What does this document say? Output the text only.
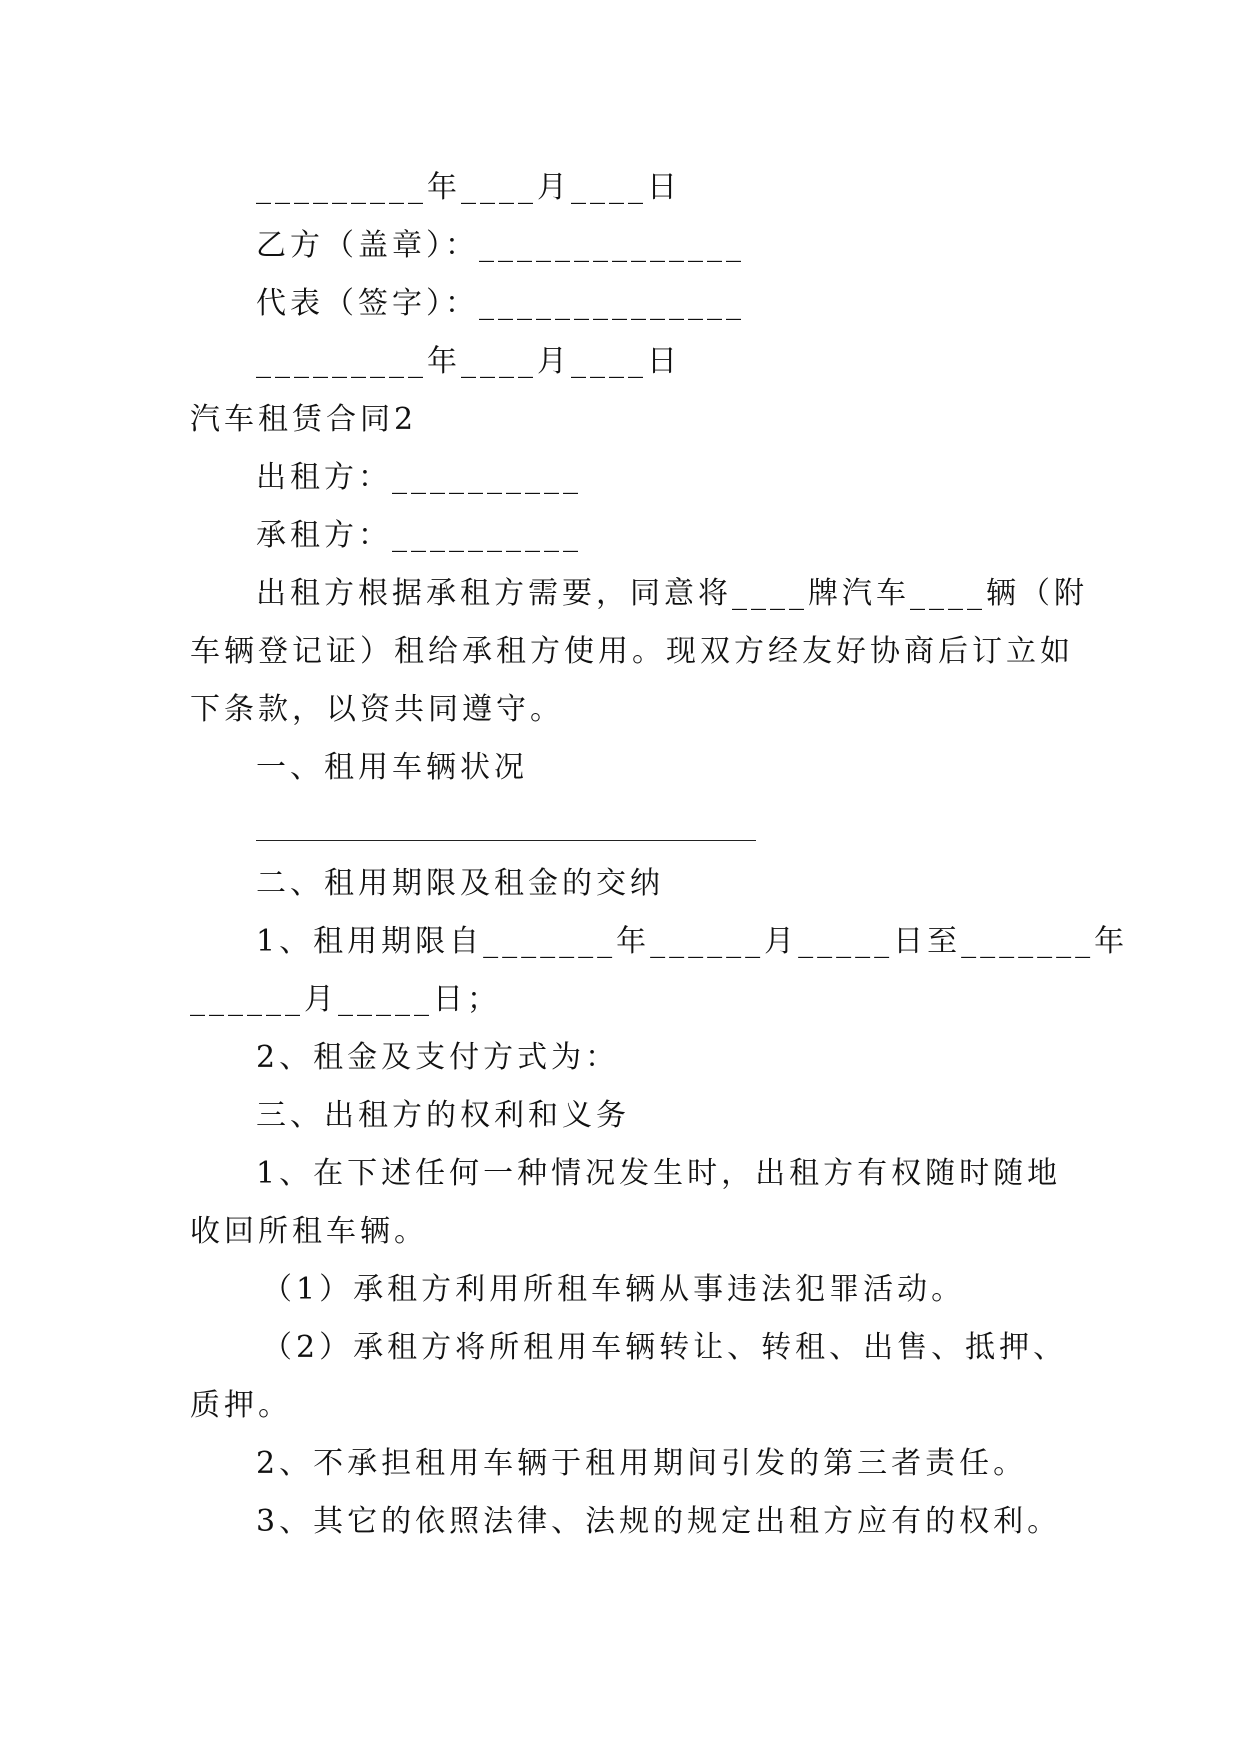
_________年____月____日
乙方（盖章）：______________
代表（签字）：______________
_________年____月____日
汽车租赁合同2
出租方：__________
承租方：__________
出租方根据承租方需要，同意将____牌汽车____辆（附
车辆登记证）租给承租方使用。现双方经友好协商后订立如
下条款，以资共同遵守。
一、租用车辆状况
二、租用期限及租金的交纳
1、租用期限自_______年______月_____日至_______年
______月_____日；
2、租金及支付方式为：
三、出租方的权利和义务
1、在下述任何一种情况发生时，出租方有权随时随地
收回所租车辆。
（1）承租方利用所租车辆从事违法犯罪活动。
（2）承租方将所租用车辆转让、转租、出售、抵押、
质押。
2、不承担租用车辆于租用期间引发的第三者责任。
3、其它的依照法律、法规的规定出租方应有的权利。
